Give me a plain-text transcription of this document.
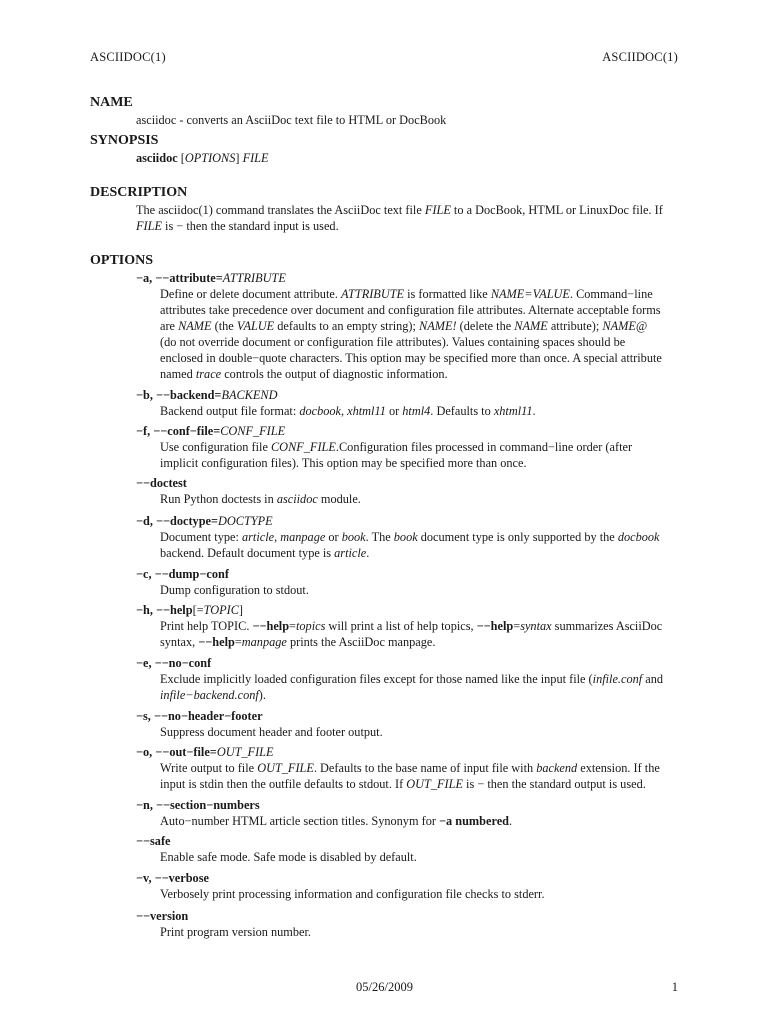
ASCIIDOC(1)	ASCIIDOC(1)
NAME
asciidoc - converts an AsciiDoc text file to HTML or DocBook
SYNOPSIS
asciidoc [OPTIONS] FILE
DESCRIPTION
The asciidoc(1) command translates the AsciiDoc text file FILE to a DocBook, HTML or LinuxDoc file. If
FILE is − then the standard input is used.
OPTIONS
−a, −−attribute=ATTRIBUTE

Define or delete document attribute. ATTRIBUTE is formatted like NAME=VALUE. Command−line

attributes take precedence over document and configuration file attributes. Alternate acceptable forms

are NAME (the VALUE defaults to an empty string); NAME! (delete the NAME attribute); NAME@

(do not override document or configuration file attributes). Values containing spaces should be

enclosed in double−quote characters. This option may be specified more than once. A special attribute

named trace controls the output of diagnostic information.

−b, −−backend=BACKEND

Backend output file format: docbook, xhtml11 or html4. Defaults to xhtml11.

−f, −−conf−file=CONF_FILE

Use configuration file CONF_FILE.Configuration files processed in command−line order (after

implicit configuration files). This option may be specified more than once.

−−doctest

Run Python doctests in asciidoc module.

−d, −−doctype=DOCTYPE

Document type: article, manpage or book. The book document type is only supported by the docbook

backend. Default document type is article.

−c, −−dump−conf

Dump configuration to stdout.

−h, −−help[=TOPIC]

Print help TOPIC. −−help=topics will print a list of help topics, −−help=syntax summarizes AsciiDoc

syntax, −−help=manpage prints the AsciiDoc manpage.

−e, −−no−conf

Exclude implicitly loaded configuration files except for those named like the input file (infile.conf and

infile−backend.conf).

−s, −−no−header−footer

Suppress document header and footer output.

−o, −−out−file=OUT_FILE

Write output to file OUT_FILE. Defaults to the base name of input file with backend extension. If the

input is stdin then the outfile defaults to stdout. If OUT_FILE is − then the standard output is used.

−n, −−section−numbers

Auto−number HTML article section titles. Synonym for −a numbered.

−−safe

Enable safe mode. Safe mode is disabled by default.

−v, −−verbose

Verbosely print processing information and configuration file checks to stderr.

−−version

Print program version number.

05/26/2009	1
